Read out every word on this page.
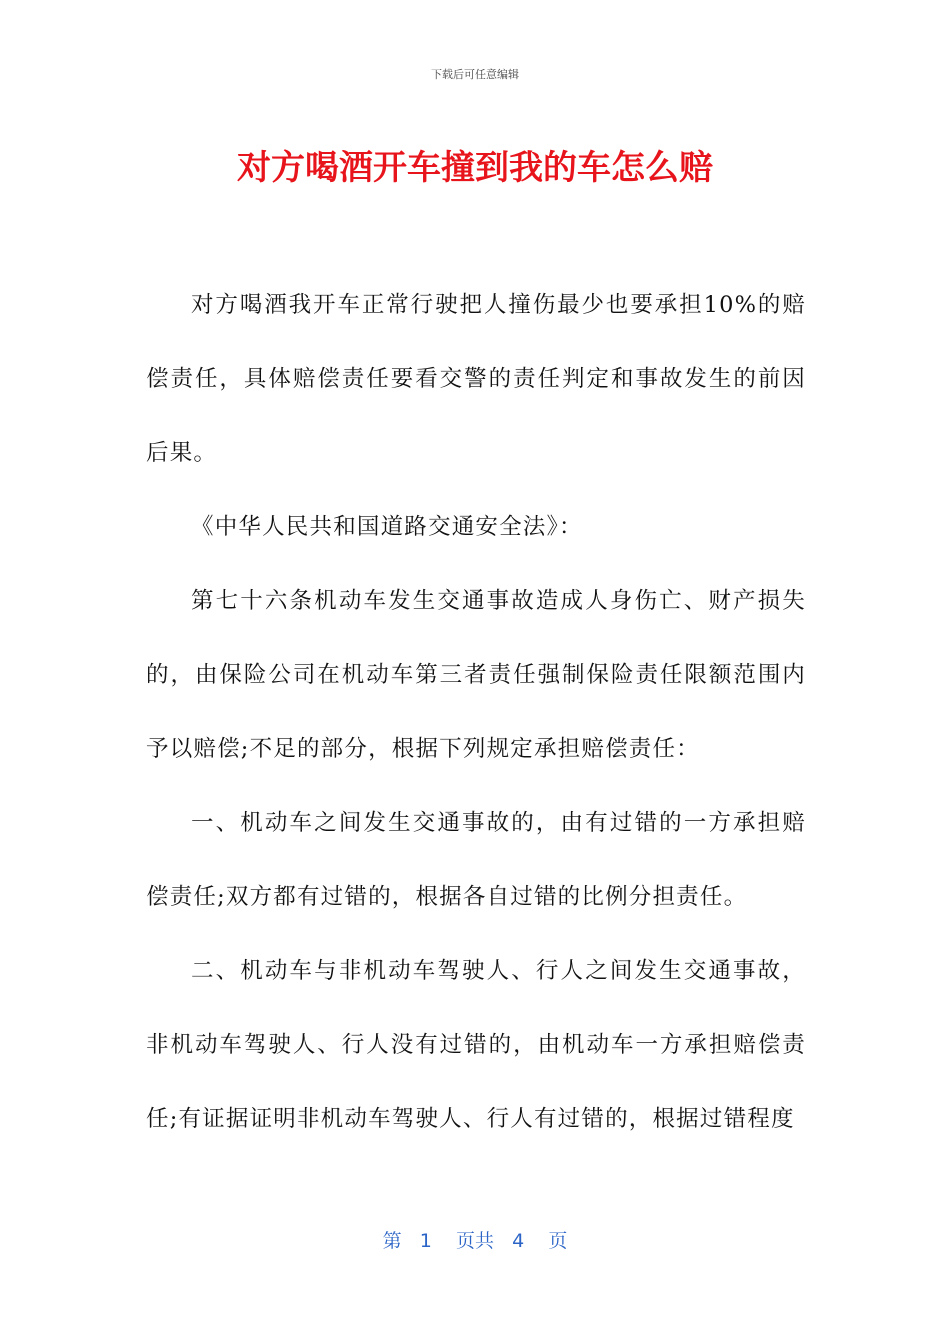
下载后可任意编辑
对方喝酒开车撞到我的车怎么赔

对方喝酒我开车正常行驶把人撞伤最少也要承担10%的赔偿责任，具体赔偿责任要看交警的责任判定和事故发生的前因后果。

《中华人民共和国道路交通安全法》：

第七十六条机动车发生交通事故造成人身伤亡、财产损失的，由保险公司在机动车第三者责任强制保险责任限额范围内予以赔偿;不足的部分，根据下列规定承担赔偿责任：

一、机动车之间发生交通事故的，由有过错的一方承担赔偿责任;双方都有过错的，根据各自过错的比例分担责任。

二、机动车与非机动车驾驶人、行人之间发生交通事故，非机动车驾驶人、行人没有过错的，由机动车一方承担赔偿责任;有证据证明非机动车驾驶人、行人有过错的，根据过错程度

第 1 页共 4 页
